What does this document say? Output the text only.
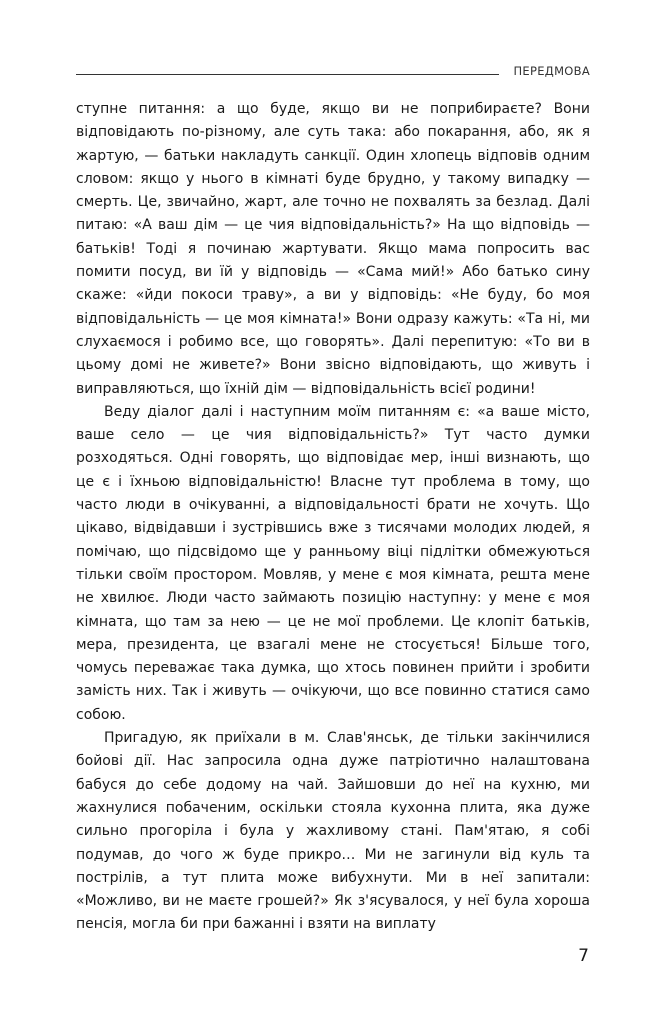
ПЕРЕДМОВА

ступне питання: а що буде, якщо ви не поприбираєте? Вони відповідають по-різному, але суть така: або покарання, або, як я жартую, — батьки накладуть санкції. Один хлопець відповів одним словом: якщо у нього в кімнаті буде брудно, у такому випадку — смерть. Це, звичайно, жарт, але точно не похвалять за безлад. Далі питаю: «А ваш дім — це чия відповідальність?» На що відповідь — батьків! Тоді я починаю жартувати. Якщо мама попросить вас помити посуд, ви їй у відповідь — «Сама мий!» Або батько сину скаже: «йди покоси траву», а ви у відповідь: «Не буду, бо моя відповідальність — це моя кімната!» Вони одразу кажуть: «Та ні, ми слухаємося і робимо все, що говорять». Далі перепитую: «То ви в цьому домі не живете?» Вони звісно відповідають, що живуть і виправляються, що їхній дім — відповідальність всієї родини!

Веду діалог далі і наступним моїм питанням є: «а ваше місто, ваше село — це чия відповідальність?» Тут часто думки розходяться. Одні говорять, що відповідає мер, інші визнають, що це є і їхньою відповідальністю! Власне тут проблема в тому, що часто люди в очікуванні, а відповідальності брати не хочуть. Що цікаво, відвідавши і зустрівшись вже з тисячами молодих людей, я помічаю, що підсвідомо ще у ранньому віці підлітки обмежуються тільки своїм простором. Мовляв, у мене є моя кімната, решта мене не хвилює. Люди часто займають позицію наступну: у мене є моя кімната, що там за нею — це не мої проблеми. Це клопіт батьків, мера, президента, це взагалі мене не стосується! Більше того, чомусь переважає така думка, що хтось повинен прийти і зробити замість них. Так і живуть — очікуючи, що все повинно статися само собою.

Пригадую, як приїхали в м. Слав'янськ, де тільки закінчилися бойові дії. Нас запросила одна дуже патріотично налаштована бабуся до себе додому на чай. Зайшовши до неї на кухню, ми жахнулися побаченим, оскільки стояла кухонна плита, яка дуже сильно прогоріла і була у жахливому стані. Пам'ятаю, я собі подумав, до чого ж буде прикро… Ми не загинули від куль та пострілів, а тут плита може вибухнути. Ми в неї запитали: «Можливо, ви не маєте грошей?» Як з'ясувалося, у неї була хороша пенсія, могла би при бажанні і взяти на виплату

7
